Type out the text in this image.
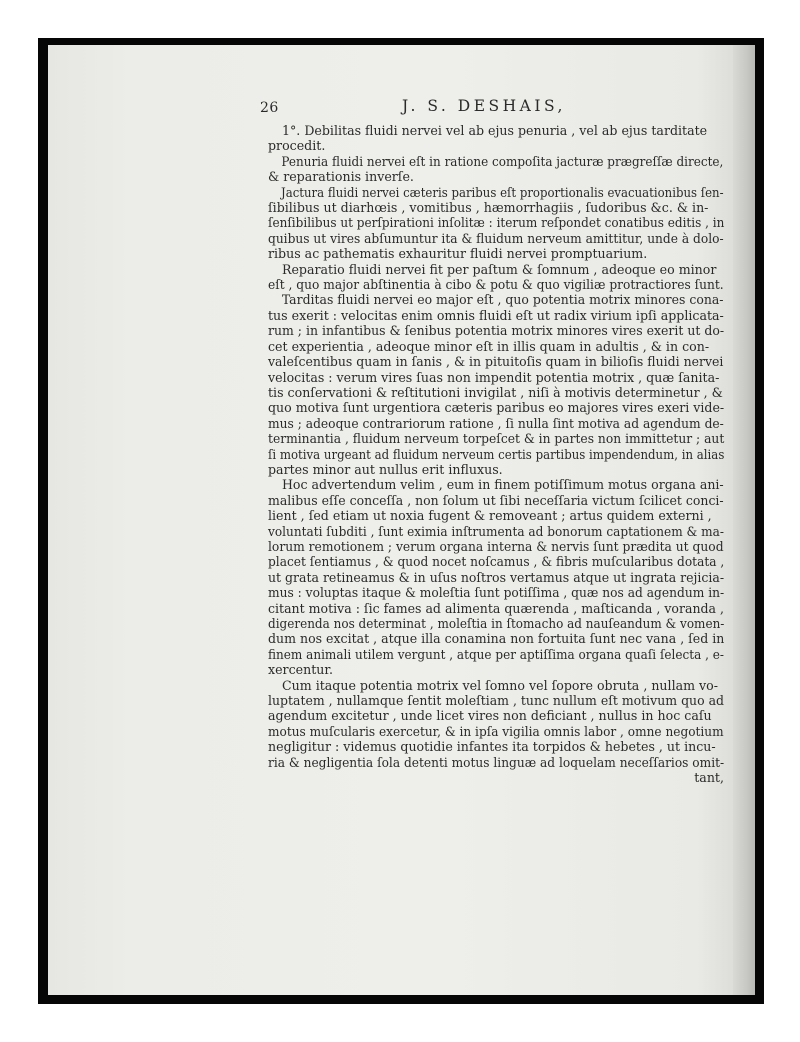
26	J. S. DESHAIS,

1°. Debilitas fluidi nervei vel ab ejus penuria , vel ab ejus tarditate
procedit.

Penuria fluidi nervei eſt in ratione compoſita jacturæ prægreſſæ directe,
& reparationis inverſe.

Jactura fluidi nervei cæteris paribus eſt proportionalis evacuationibus ſen-
ſibilibus ut diarhœis , vomitibus , hæmorrhagiis , ſudoribus &c. & in-
ſenſibilibus ut perſpirationi inſolitæ : iterum reſpondet conatibus editis , in
quibus ut vires abſumuntur ita & fluidum nerveum amittitur, unde à dolo-
ribus ac pathematis exhauritur fluidi nervei promptuarium.

Reparatio fluidi nervei fit per paſtum & ſomnum , adeoque eo minor
eſt , quo major abſtinentia à cibo & potu & quo vigiliæ protractiores ſunt.

Tarditas fluidi nervei eo major eſt , quo potentia motrix minores cona-
tus exerit : velocitas enim omnis fluidi eſt ut radix virium ipſi applicata-
rum ; in infantibus & ſenibus potentia motrix minores vires exerit ut do-
cet experientia , adeoque minor eſt in illis quam in adultis , & in con-
valeſcentibus quam in ſanis , & in pituitoſis quam in bilioſis fluidi nervei
velocitas : verum vires ſuas non impendit potentia motrix , quæ ſanita-
tis conſervationi & reſtitutioni invigilat , niſi à motivis determinetur , &
quo motiva ſunt urgentiora cæteris paribus eo majores vires exeri vide-
mus ; adeoque contrariorum ratione , ſi nulla ſint motiva ad agendum de-
terminantia , fluidum nerveum torpeſcet & in partes non immittetur ; aut
ſi motiva urgeant ad fluidum nerveum certis partibus impendendum, in alias
partes minor aut nullus erit influxus.

Hoc advertendum velim , eum in finem potiſſimum motus organa ani-
malibus eſſe conceſſa , non ſolum ut ſibi neceſſaria victum ſcilicet conci-
lient , ſed etiam ut noxia fugent & removeant ; artus quidem externi ,
voluntati ſubditi , ſunt eximia inſtrumenta ad bonorum captationem & ma-
lorum remotionem ; verum organa interna & nervis ſunt prædita ut quod
placet ſentiamus , & quod nocet noſcamus , & fibris muſcularibus dotata ,
ut grata retineamus & in uſus noſtros vertamus atque ut ingrata rejicia-
mus : voluptas itaque & moleſtia ſunt potiſſima , quæ nos ad agendum in-
citant motiva : ſic fames ad alimenta quærenda , maſticanda , voranda ,
digerenda nos determinat , moleſtia in ſtomacho ad nauſeandum & vomen-
dum nos excitat , atque illa conamina non fortuita ſunt nec vana , ſed in
finem animali utilem vergunt , atque per aptiſſima organa quaſi ſelecta , e-
xercentur.

Cum itaque potentia motrix vel ſomno vel ſopore obruta , nullam vo-
luptatem , nullamque ſentit moleſtiam , tunc nullum eſt motivum quo ad
agendum excitetur , unde licet vires non deficiant , nullus in hoc caſu
motus muſcularis exercetur, & in ipſa vigilia omnis labor , omne negotium
negligitur : videmus quotidie infantes ita torpidos & hebetes , ut incu-
ria & negligentia ſola detenti motus linguæ ad loquelam neceſſarios omit-

tant,
